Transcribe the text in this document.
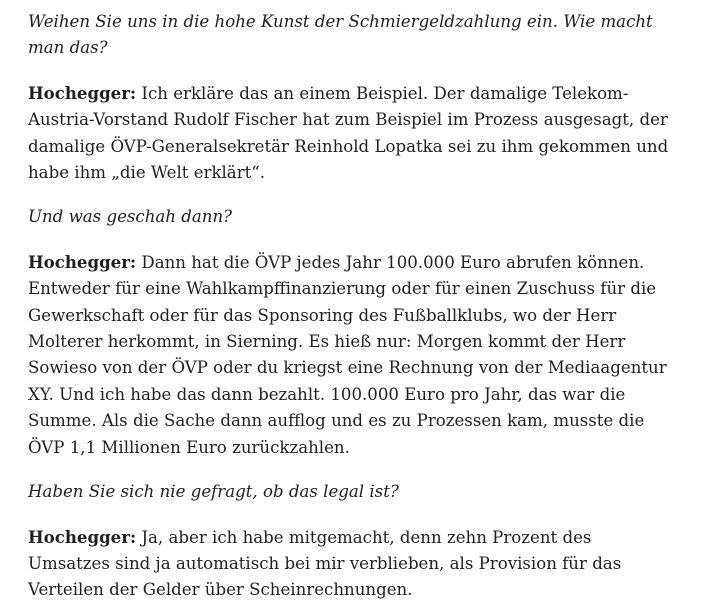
Weihen Sie uns in die hohe Kunst der Schmiergeldzahlung ein. Wie macht man das?

Hochegger: Ich erkläre das an einem Beispiel. Der damalige Telekom-Austria-Vorstand Rudolf Fischer hat zum Beispiel im Prozess ausgesagt, der damalige ÖVP-Generalsekretär Reinhold Lopatka sei zu ihm gekommen und habe ihm „die Welt erklärt“.

Und was geschah dann?

Hochegger: Dann hat die ÖVP jedes Jahr 100.000 Euro abrufen können. Entweder für eine Wahlkampffinanzierung oder für einen Zuschuss für die Gewerkschaft oder für das Sponsoring des Fußballklubs, wo der Herr Molterer herkommt, in Sierning. Es hieß nur: Morgen kommt der Herr Sowieso von der ÖVP oder du kriegst eine Rechnung von der Mediaagentur XY. Und ich habe das dann bezahlt. 100.000 Euro pro Jahr, das war die Summe. Als die Sache dann aufflog und es zu Prozessen kam, musste die ÖVP 1,1 Millionen Euro zurückzahlen.

Haben Sie sich nie gefragt, ob das legal ist?

Hochegger: Ja, aber ich habe mitgemacht, denn zehn Prozent des Umsatzes sind ja automatisch bei mir verblieben, als Provision für das Verteilen der Gelder über Scheinrechnungen.
